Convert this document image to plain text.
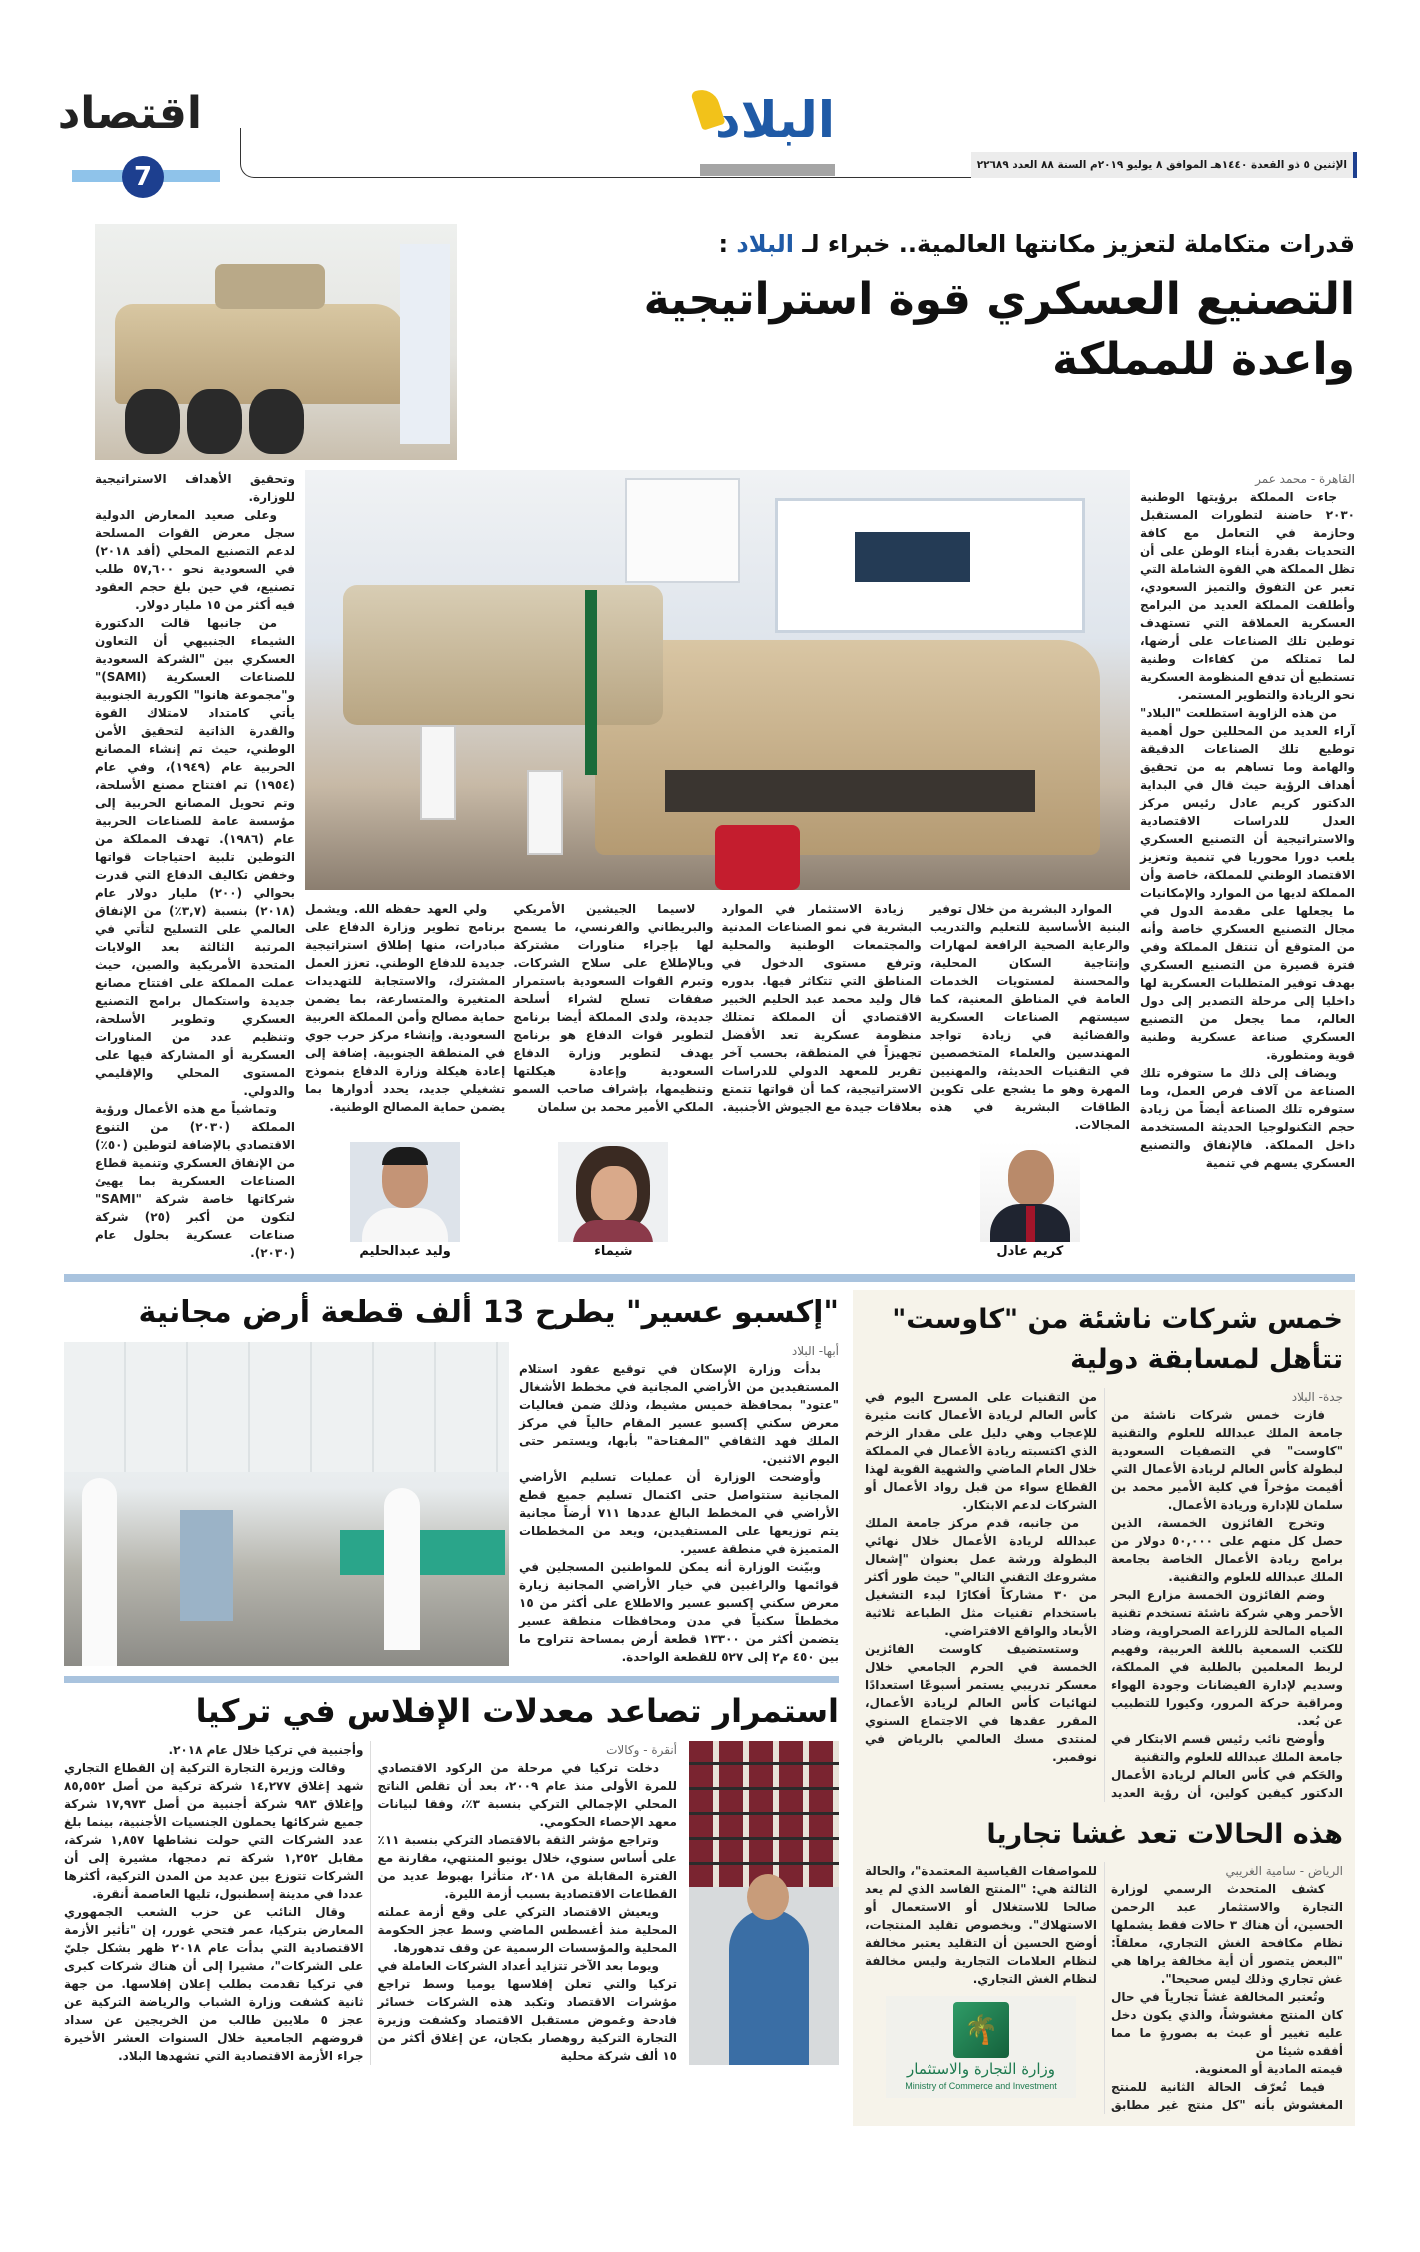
الإثنين ٥ ذو القعدة ١٤٤٠هـ الموافق ٨ يوليو ٢٠١٩م السنة ٨٨ العدد ٢٢٦٨٩
البلاد
اقتصاد
7
قدرات متكاملة لتعزيز مكانتها العالمية.. خبراء لـ البلاد :
التصنيع العسكري قوة استراتيجية
واعدة للمملكة
القاهرة - محمد عمر

جاءت المملكة برؤيتها الوطنية ٢٠٣٠ حاضنة لتطورات المستقبل وحازمة في التعامل مع كافة التحديات بقدرة أبناء الوطن على أن تظل المملكة هي القوة الشاملة التي تعبر عن التفوق والتميز السعودي، وأطلقت المملكة العديد من البرامج العسكرية العملاقة التي تستهدف توطين تلك الصناعات على أرضها، لما تمتلكه من كفاءات وطنية تستطيع أن تدفع المنظومة العسكرية نحو الريادة والتطوير المستمر.

من هذه الزاوية استطلعت "البلاد" آراء العديد من المحللين حول أهمية توطيع تلك الصناعات الدقيقة والهامة وما تساهم به من تحقيق أهداف الرؤية حيث قال في البداية الدكتور كريم عادل رئيس مركز العدل للدراسات الاقتصادية والاستراتيجية أن التصنيع العسكري يلعب دورا محوريا في تنمية وتعزيز الاقتصاد الوطني للمملكة، خاصة وأن المملكة لديها من الموارد والإمكانيات ما يجعلها على مقدمة الدول في مجال التصنيع العسكري خاصة وأنه من المتوقع أن تنتقل المملكة وفي فترة قصيرة من التصنيع العسكري بهدف توفير المتطلبات العسكرية لها داخليا إلى مرحلة التصدير إلى دول العالم، مما يجعل من التصنيع العسكري صناعة عسكرية وطنية قوية ومتطورة.

ويضاف إلى ذلك ما ستوفره تلك الصناعة من آلاف فرص العمل، وما ستوفره تلك الصناعة أيضاً من زيادة حجم التكنولوجيا الحديثة المستخدمة داخل المملكة. فالإنفاق والتصنيع العسكري يسهم في تنمية

الموارد البشرية من خلال توفير البنية الأساسية للتعليم والتدريب والرعاية الصحية الرافعة لمهارات وإنتاجية السكان المحلية، والمحسنة لمستويات الخدمات العامة في المناطق المعنية، كما سيستهم الصناعات العسكرية والفضائية في زيادة تواجد المهندسين والعلماء المتخصصين في التقنيات الحديثة، والمهنيين المهرة وهو ما يشجع على تكوين الطاقات البشرية في هذه المجالات.

كريم عادل

زيادة الاستثمار في الموارد البشرية في نمو الصناعات المدنية والمجتمعات الوطنية والمحلية وترفع مستوى الدخول في المناطق التي تتكاثر فيها. بدوره قال وليد محمد عبد الحليم الخبير الاقتصادي أن المملكة تمتلك منظومة عسكرية تعد الأفضل تجهيزاً في المنطقة، بحسب آخر تقرير للمعهد الدولي للدراسات الاستراتيجية، كما أن قواتها تتمتع بعلاقات جيدة مع الجيوش الأجنبية.

لاسيما الجيشين الأمريكي والبريطاني والفرنسي، ما يسمح لها بإجراء مناورات مشتركة وبالإطلاع على سلاح الشركات. وتبرم القوات السعودية باستمرار صفقات تسلح لشراء أسلحة جديدة، ولدى المملكة أيضا برنامج لتطوير قوات الدفاع هو برنامج يهدف لتطوير وزارة الدفاع السعودية وإعادة هيكلتها وتنظيمها، بإشراف صاحب السمو الملكي الأمير محمد بن سلمان

شيماء

ولي العهد حفظه الله. ويشمل برنامج تطوير وزارة الدفاع على مبادرات، منها إطلاق استراتيجية جديدة للدفاع الوطني. تعزز العمل المشترك، والاستجابة للتهديدات المتغيرة والمتسارعة، بما يضمن حماية مصالح وأمن المملكة العربية السعودية. وإنشاء مركز حرب جوي في المنطقة الجنوبية. إضافة إلى إعادة هيكلة وزارة الدفاع بنموذج تشغيلي جديد، يحدد أدوارها بما يضمن حماية المصالح الوطنية.

وليد عبدالحليم

وتحقيق الأهداف الاستراتيجية للوزارة.

وعلى صعيد المعارض الدولية سجل معرض القوات المسلحة لدعم التصنيع المحلي (أفد ٢٠١٨) في السعودية نحو ٥٧,٦٠٠ طلب تصنيع، في حين بلغ حجم العقود فيه أكثر من ١٥ مليار دولار.

من جانبها قالت الدكتورة الشيماء الجنبيهي أن التعاون العسكري بين "الشركة السعودية للصناعات العسكرية (SAMI)" و"مجموعة هانوا" الكورية الجنوبية يأتي كامتداد لامتلاك القوة والقدرة الذاتية لتحقيق الأمن الوطني، حيث تم إنشاء المصانع الحربية عام (١٩٤٩)، وفي عام (١٩٥٤) تم افتتاح مصنع الأسلحة، وتم تحويل المصانع الحربية إلى مؤسسة عامة للصناعات الحربية عام (١٩٨٦). تهدف المملكة من التوطين تلبية احتياجات قواتها وخفض تكاليف الدفاع التي قدرت بحوالي (٢٠٠) مليار دولار عام (٢٠١٨) بنسبة (٣,٧٪) من الإنفاق العالمي على التسليح لتأتي في المرتبة الثالثة بعد الولايات المتحدة الأمريكية والصين، حيث عملت المملكة على افتتاح مصانع جديدة واستكمال برامج التصنيع العسكري وتطوير الأسلحة، وتنظيم عدد من المناورات العسكرية أو المشاركة فيها على المستوى المحلي والإقليمي والدولي.

وتماشياً مع هذه الأعمال ورؤية المملكة (٢٠٣٠) من التنوع الاقتصادي بالإضافة لتوطين (٥٠٪) من الإنفاق العسكري وتنمية قطاع الصناعات العسكرية بما يهيئ شركاتها خاصة شركة "SAMI" لتكون من أكبر (٢٥) شركة صناعات عسكرية بحلول عام (٢٠٣٠).

"إكسبو عسير" يطرح 13 ألف قطعة أرض مجانية
أبها- البلاد

بدأت وزارة الإسكان في توقيع عقود استلام المستفيدين من الأراضي المجانية في مخطط الأشغال "عتود" بمحافظة خميس مشيط، وذلك ضمن فعاليات معرض سكني إكسبو عسير المقام حالياً في مركز الملك فهد الثقافي "المفتاحة" بأبها، ويستمر حتى اليوم الاثنين.

وأوضحت الوزارة أن عمليات تسليم الأراضي المجانية ستتواصل حتى اكتمال تسليم جميع قطع الأراضي في المخطط البالغ عددها ٧١١ أرضاً مجانية يتم توزيعها على المستفيدين، ويعد من المخططات المتميزة في منطقة عسير.

وبيّنت الوزارة أنه يمكن للمواطنين المسجلين في قوائمها والراغبين في خيار الأراضي المجانية زيارة معرض سكني إكسبو عسير والاطلاع على أكثر من ١٥ مخططاً سكنياً في مدن ومحافظات منطقة عسير يتضمن أكثر من ١٣٣٠٠ قطعة أرض بمساحة تتراوح ما بين ٤٥٠ م٢ إلى ٥٢٧ للقطعة الواحدة.

استمرار تصاعد معدلات الإفلاس في تركيا
أنقرة - وكالات

دخلت تركيا في مرحلة من الركود الاقتصادي للمرة الأولى منذ عام ٢٠٠٩، بعد أن تقلص الناتج المحلي الإجمالي التركي بنسبة ٣٪، وفقا لبيانات معهد الإحصاء الحكومي.

وتراجع مؤشر الثقة بالاقتصاد التركي بنسبة ١١٪ على أساس سنوي، خلال يونيو المنتهي، مقارنة مع الفترة المقابلة من ٢٠١٨، متأثرا بهبوط عديد من القطاعات الاقتصادية بسبب أزمة الليرة.

ويعيش الاقتصاد التركي على وقع أزمة عملته المحلية منذ أغسطس الماضي وسط عجز الحكومة المحلية والمؤسسات الرسمية عن وقف تدهورها.

ويوما بعد الآخر تتزايد أعداد الشركات العاملة في تركيا والتي تعلن إفلاسها يوميا وسط تراجع مؤشرات الاقتصاد وتكبد هذه الشركات خسائر فادحة وغموض مستقبل الاقتصاد وكشفت وزيرة التجارة التركية روهصار بكجان، عن إغلاق أكثر من ١٥ ألف شركة محلية

وأجنبية في تركيا خلال عام ٢٠١٨.

وقالت وزيرة التجارة التركية إن القطاع التجاري شهد إغلاق ١٤,٢٧٧ شركة تركية من أصل ٨٥,٥٥٢ وإغلاق ٩٨٣ شركة أجنبية من أصل ١٧,٩٧٣ شركة جميع شركائها يحملون الجنسيات الأجنبية، بينما بلغ عدد الشركات التي حولت نشاطها ١,٨٥٧ شركة، مقابل ١,٢٥٢ شركة تم دمجها، مشيرة إلى أن الشركات تتوزع بين عديد من المدن التركية، أكثرها عددا في مدينة إسطنبول، تليها العاصمة أنقرة.

وقال النائب عن حزب الشعب الجمهوري المعارض بتركيا، عمر فتحي غورر، إن "تأثير الأزمة الاقتصادية التي بدأت عام ٢٠١٨ ظهر بشكل جليّ على الشركات"، مشيرا إلى أن هناك شركات كبرى في تركيا تقدمت بطلب إعلان إفلاسها. من جهة ثانية كشفت وزارة الشباب والرياضة التركية عن عجز ٥ ملايين طالب من الخريجين عن سداد قروضهم الجامعية خلال السنوات العشر الأخيرة جراء الأزمة الاقتصادية التي تشهدها البلاد.

خمس شركات ناشئة من "كاوست"
تتأهل لمسابقة دولية
جدة- البلاد

فازت خمس شركات ناشئة من جامعة الملك عبدالله للعلوم والتقنية "كاوست" في التصفيات السعودية لبطولة كأس العالم لريادة الأعمال التي أقيمت مؤخراً في كلية الأمير محمد بن سلمان للإدارة وريادة الأعمال.

وتخرج الفائزون الخمسة، الذين حصل كل منهم على ٥٠,٠٠٠ دولار من برامج ريادة الأعمال الخاصة بجامعة الملك عبدالله للعلوم والتقنية.

وضم الفائزون الخمسة مزارع البحر الأحمر وهي شركة ناشئة تستخدم تقنية المياه المالحة للزراعة الصحراوية، وضاد للكتب السمعية باللغة العربية، وفهيم لربط المعلمين بالطلبة في المملكة، وسديم لإدارة الفيضانات وجودة الهواء ومراقبة حركة المرور، وكيورا للتطبيب عن بُعد.

وأوضح نائب رئيس قسم الابتكار في جامعة الملك عبدالله للعلوم والتقنية

والحَكم في كأس العالم لريادة الأعمال الدكتور كيفين كولين، أن رؤية العديد من التقنيات على المسرح اليوم في كأس العالم لريادة الأعمال كانت مثيرة للإعجاب وهي دليل على مقدار الزخم الذي اكتسبته ريادة الأعمال في المملكة خلال العام الماضي والشهية القوية لهذا القطاع سواء من قبل رواد الأعمال أو الشركات لدعم الابتكار.

من جانبه، قدم مركز جامعة الملك عبدالله لريادة الأعمال خلال نهائي البطولة ورشة عمل بعنوان "إشعال مشروعك التقني التالي" حيث طور أكثر من ٣٠ مشاركاً أفكارًا لبدء التشغيل باستخدام تقنيات مثل الطباعة ثلاثية الأبعاد والواقع الافتراضي.

وستستضيف كاوست الفائزين الخمسة في الحرم الجامعي خلال معسكر تدريبي يستمر أسبوعًا استعدادًا لنهائيات كأس العالم لريادة الأعمال، المقرر عقدها في الاجتماع السنوي لمنتدى مسك العالمي بالرياض في نوفمبر.

هذه الحالات تعد غشا تجاريا
الرياض - سامية الغريبي

كشف المتحدث الرسمي لوزارة التجارة والاستثمار عبد الرحمن الحسين، أن هناك ٣ حالات فقط يشملها نظام مكافحة الغش التجاري، معلقاً: "البعض يتصور أن أية مخالفة يراها هي غش تجاري وذلك ليس صحيحا".

وتُعتبر المخالفة غشاً تجارياً في حال كان المنتج مغشوشاً، والذي يكون دخل عليه تغيير أو عبث به بصورةٍ ما مما أفقده شيئا من

قيمته المادية أو المعنوية.

فيما تُعرّف الحالة الثانية للمنتج المغشوش بأنه "كل منتج غير مطابق للمواصفات القياسية المعتمدة"، والحالة الثالثة هي: "المنتج الفاسد الذي لم يعد صالحا للاستغلال أو الاستعمال أو الاستهلاك". وبخصوص تقليد المنتجات، أوضح الحسين أن التقليد يعتبر مخالفة لنظام العلامات التجارية وليس مخالفة لنظام الغش التجاري.

🌴
وزارة التجارة والاستثمار
Ministry of Commerce and Investment
